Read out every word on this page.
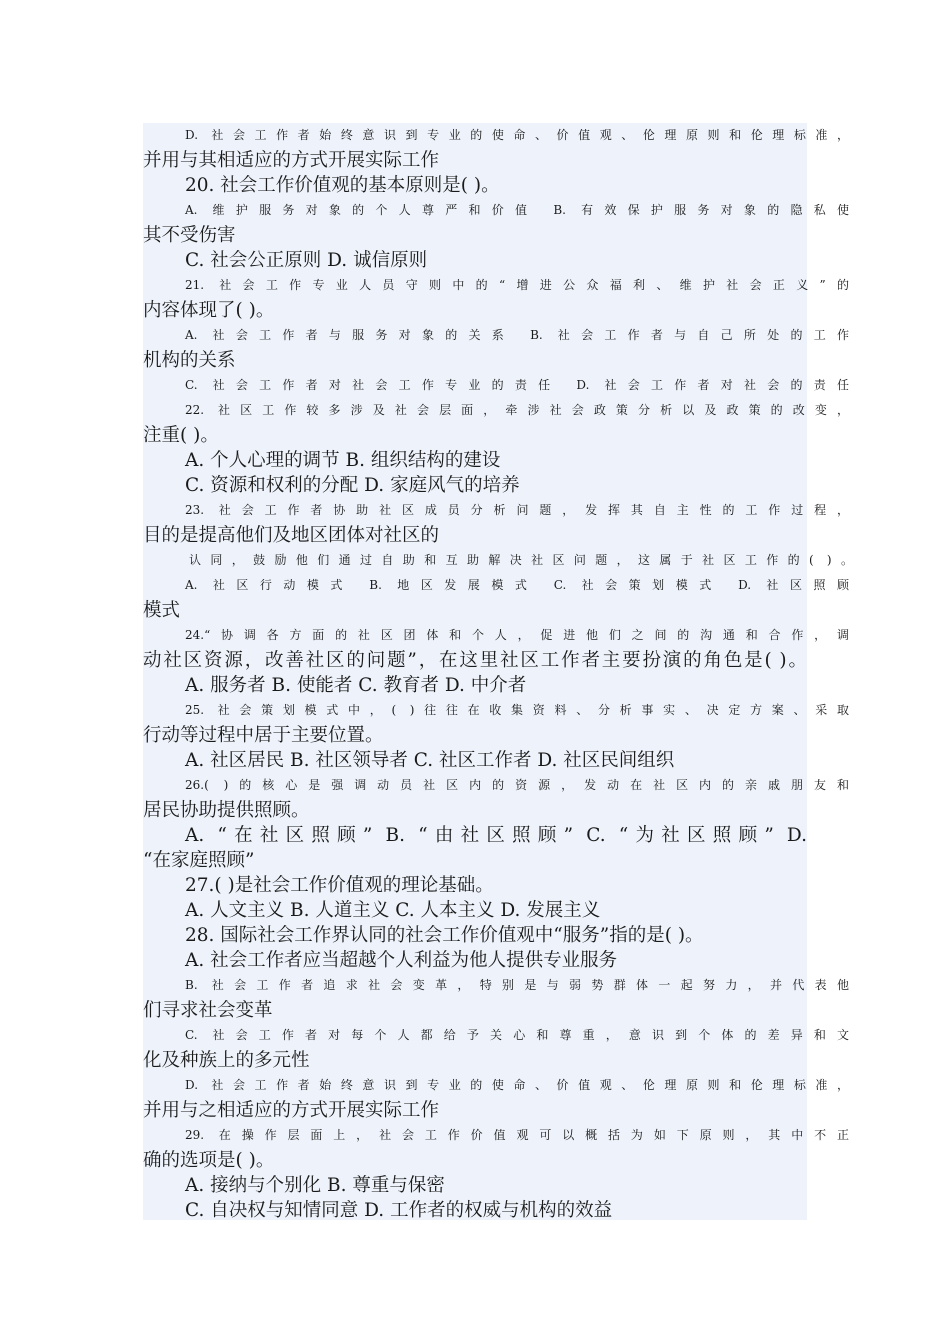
D. 社会工作者始终意识到专业的使命、价值观、伦理原则和伦理标准，
并用与其相适应的方式开展实际工作
20. 社会工作价值观的基本原则是( )。
A. 维护服务对象的个人尊严和价值 B. 有效保护服务对象的隐私使
其不受伤害
C. 社会公正原则 D. 诚信原则
21. 社会工作专业人员守则中的“增进公众福利、维护社会正义”的
内容体现了( )。
A. 社会工作者与服务对象的关系 B. 社会工作者与自己所处的工作
机构的关系
C. 社会工作者对社会工作专业的责任 D. 社会工作者对社会的责任
22. 社区工作较多涉及社会层面，牵涉社会政策分析以及政策的改变，
注重( )。
A. 个人心理的调节 B. 组织结构的建设
C. 资源和权利的分配 D. 家庭风气的培养
23. 社会工作者协助社区成员分析问题，发挥其自主性的工作过程，
目的是提高他们及地区团体对社区的
认同，鼓励他们通过自助和互助解决社区问题，这属于社区工作的( )。
A. 社区行动模式 B. 地区发展模式 C. 社会策划模式 D. 社区照顾
模式
24.“协调各方面的社区团体和个人，促进他们之间的沟通和合作，调
动社区资源，改善社区的问题”，在这里社区工作者主要扮演的角色是( )。
A. 服务者 B. 使能者 C. 教育者 D. 中介者
25. 社会策划模式中，( )往往在收集资料、分析事实、决定方案、采取
行动等过程中居于主要位置。
A. 社区居民 B. 社区领导者 C. 社区工作者 D. 社区民间组织
26.( )的核心是强调动员社区内的资源，发动在社区内的亲戚朋友和
居民协助提供照顾。
A. “在社区照顾” B. “由社区照顾” C. “为社区照顾” D.
“在家庭照顾”
27.( )是社会工作价值观的理论基础。
A. 人文主义 B. 人道主义 C. 人本主义 D. 发展主义
28. 国际社会工作界认同的社会工作价值观中“服务”指的是( )。
A. 社会工作者应当超越个人利益为他人提供专业服务
B. 社会工作者追求社会变革，特别是与弱势群体一起努力，并代表他
们寻求社会变革
C. 社会工作者对每个人都给予关心和尊重，意识到个体的差异和文
化及种族上的多元性
D. 社会工作者始终意识到专业的使命、价值观、伦理原则和伦理标准，
并用与之相适应的方式开展实际工作
29. 在操作层面上，社会工作价值观可以概括为如下原则，其中不正
确的选项是( )。
A. 接纳与个别化 B. 尊重与保密
C. 自决权与知情同意 D. 工作者的权威与机构的效益
